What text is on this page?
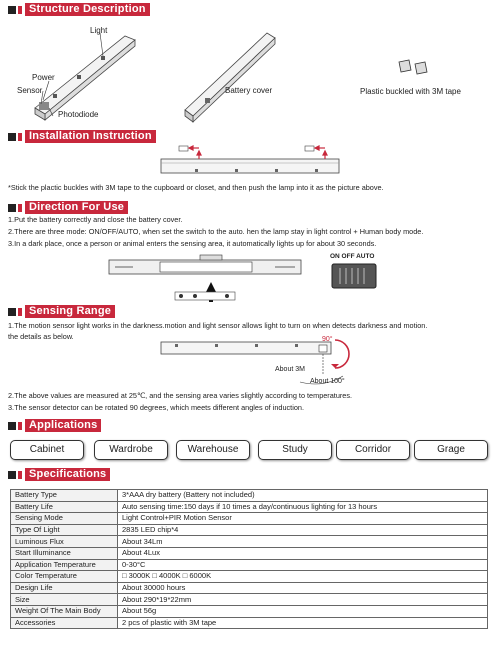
Structure Description
Light
Power
Sensor
Photodiode
Battery cover	Plastic buckled with 3M tape
Installation Instruction
*Stick the plactic buckles with 3M tape to the cupboard or closet, and then push the lamp into it as the picture above.
Direction For Use
1.Put the battery correctly and close the battery cover.
2.There are three mode: ON/OFF/AUTO, when set the switch to the auto. hen the lamp stay in light control + Human body mode.
3.In a dark place, once a person or animal enters the sensing area, it automatically lights up for about 30 seconds.
ON OFF AUTO
Sensing Range
1.The motion sensor light works in the darkness.motion and light sensor allows light to turn on when detects darkness and motion.
the details as below.	90°
About 3M
About 100°
2.The above values are measured at 25℃, and the sensing area varies slightly according to temperatures.
3.The sensor detector can be rotated 90 degrees, which meets different angles of induction.
Applications
Cabinet	Wardrobe	Warehouse	Study	Corridor	Grage
Specifications
Battery Type	3*AAA dry battery (Battery not included)
Battery Life	Auto sensing time:150 days if 10 times a day/continuous lighting for 13 hours
Sensing Mode	Light Control+PIR Motion Sensor
Type Of Light	2835 LED chip*4
Luminous Flux	About 34Lm
Start Illuminance	About 4Lux
Application Temperature	0-30°C
Color Temperature	□ 3000K □ 4000K □ 6000K
Design Life	About 30000 hours
Size	About 290*19*22mm
Weight Of The Main Body	About 56g
Accessories	2 pcs of plastic with 3M tape
